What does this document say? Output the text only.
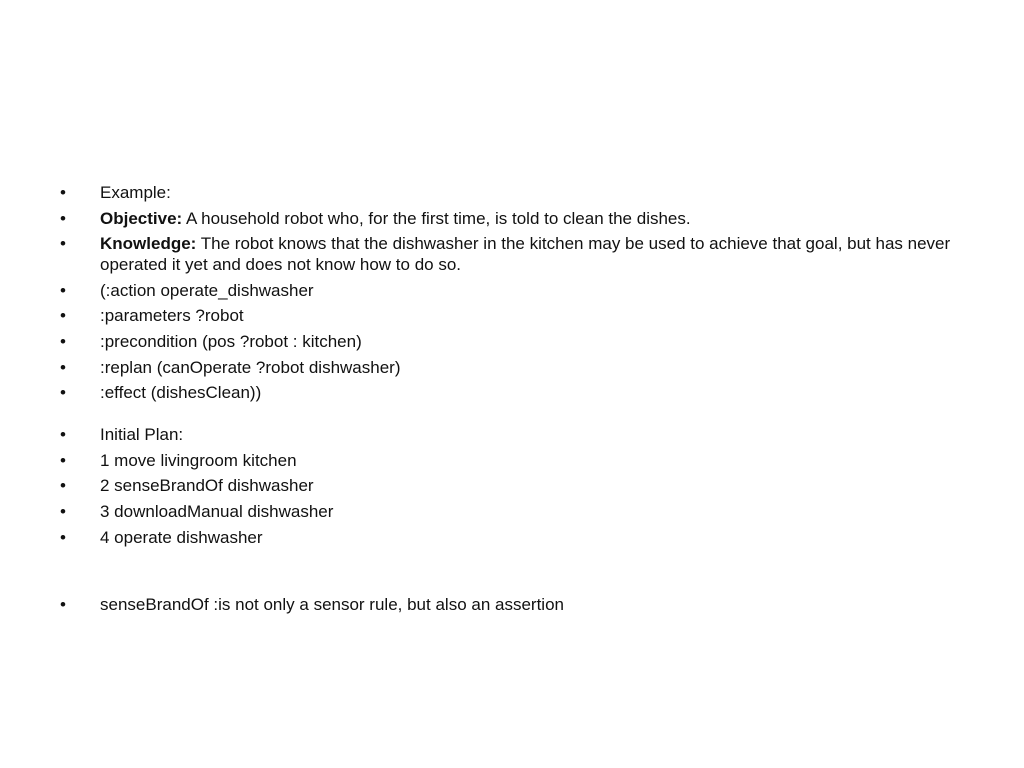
•	Example:
•	Objective: A household robot who, for the first time, is told to clean the dishes.
•	Knowledge: The robot knows that the dishwasher in the kitchen may be used to achieve that goal, but has never operated it yet and does not know how to do so.
•	(:action operate_dishwasher
•	:parameters ?robot
•	:precondition (pos ?robot : kitchen)
•	:replan (canOperate ?robot dishwasher)
•	:effect (dishesClean))
•	Initial Plan:
•	1 move livingroom kitchen
•	2 senseBrandOf dishwasher
•	3 downloadManual dishwasher
•	4 operate dishwasher
•	senseBrandOf :is not only a sensor rule, but also an assertion
